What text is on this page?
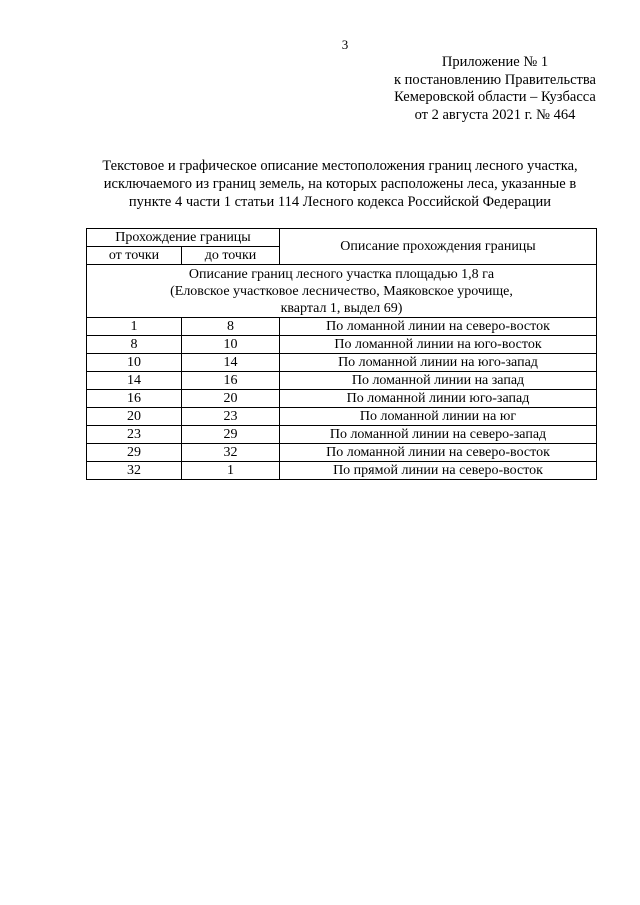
3
Приложение № 1
к постановлению Правительства
Кемеровской области – Кузбасса
от 2 августа 2021 г. № 464
Текстовое и графическое описание местоположения границ лесного участка,
исключаемого из границ земель, на которых расположены леса, указанные в
пункте 4 части 1 статьи 114 Лесного кодекса Российской Федерации
Прохождение границы		Описание прохождения границы
от точки	до точки	

Описание границ лесного участка площадью 1,8 га
(Еловское участковое лесничество, Маяковское урочище,
квартал 1, выдел 69)		

1	8	По ломанной линии на северо-восток
8	10	По ломанной линии на юго-восток
10	14	По ломанной линии на юго-запад
14	16	По ломанной линии на запад
16	20	По ломанной линии юго-запад
20	23	По ломанной линии на юг
23	29	По ломанной линии на северо-запад
29	32	По ломанной линии на северо-восток
32	1	По прямой линии на северо-восток
